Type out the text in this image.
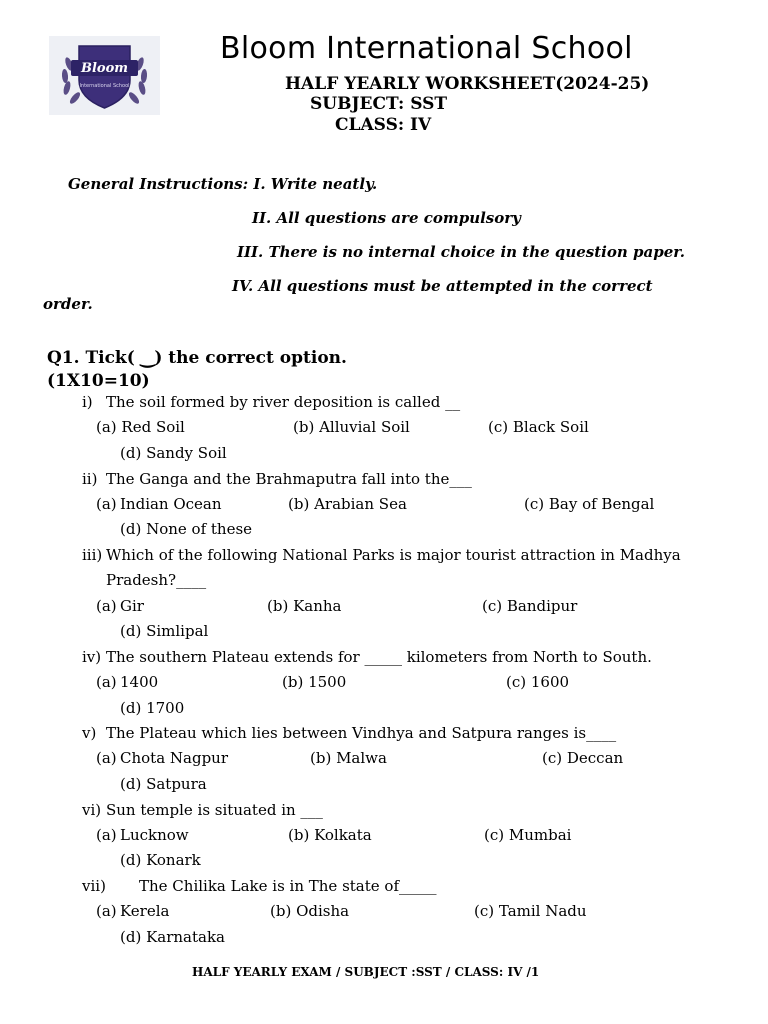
Bloom
International School
Bloom International School
HALF YEARLY WORKSHEET(2024-25)
SUBJECT: SST
CLASS: IV
General Instructions: I. Write neatly.
II. All questions are compulsory
III. There is no internal choice in the question paper.
IV. All questions must be attempted in the correct
order.
Q1. Tick( ‿) the correct option.
(1X10=10)
i) The soil formed by river deposition is called __
(a) Red Soil	(b) Alluvial Soil	(c) Black Soil
(d) Sandy Soil
ii) The Ganga and the Brahmaputra fall into the___
(a) Indian Ocean	(b) Arabian Sea	(c) Bay of Bengal
(d) None of these
iii) Which of the following National Parks is major tourist attraction in Madhya
Pradesh?____
(a) Gir	(b) Kanha	(c) Bandipur
(d) Simlipal
iv) The southern Plateau extends for _____ kilometers from North to South.
(a) 1400	(b) 1500	(c) 1600
(d) 1700
v) The Plateau which lies between Vindhya and Satpura ranges is____
(a) Chota Nagpur	(b) Malwa	(c) Deccan
(d) Satpura
vi) Sun temple is situated in ___
(a) Lucknow	(b) Kolkata	(c) Mumbai
(d) Konark
vii) The Chilika Lake is in The state of_____
(a) Kerela	(b) Odisha	(c) Tamil Nadu
(d) Karnataka
HALF YEARLY EXAM / SUBJECT :SST / CLASS: IV /1
